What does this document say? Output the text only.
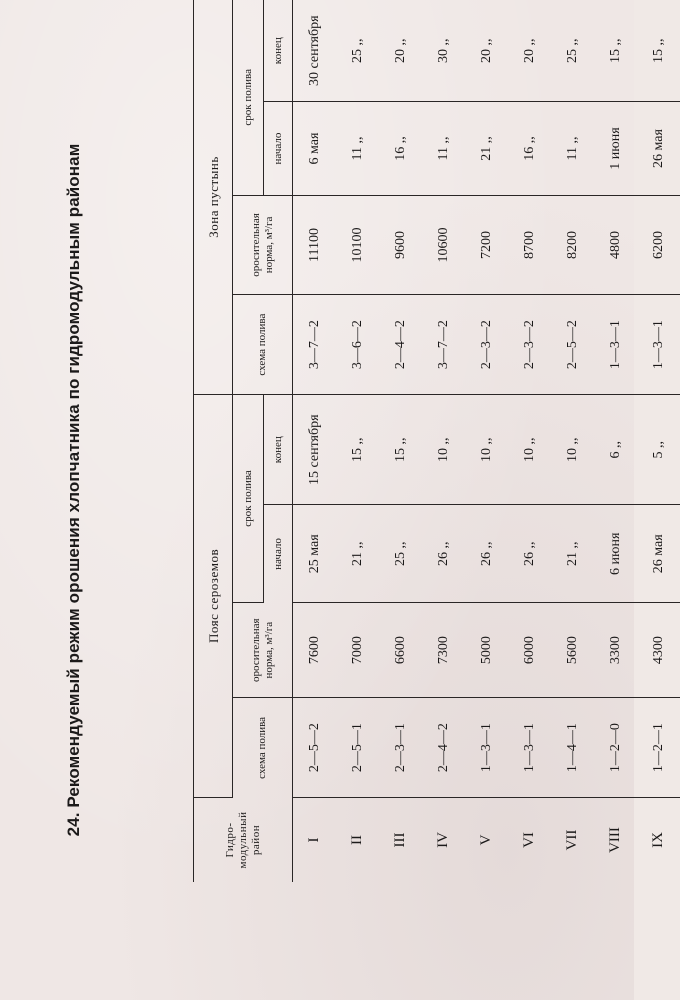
24. Рекомендуемый режим орошения хлопчатника по гидромодульным районам
Гидро-модульный район	Пояс сероземов				Зона пустынь			

	схема полива	оросительная норма, м³/га	срок полива		схема полива	оросительная норма, м³/га	срок полива	
			начало	конец			начало	конец
I	2—5—2	7600	25 мая	15 сентября	3—7—2	11100	6 мая	30 сентября
II	2—5—1	7000	21 ,,	15 ,,	3—6—2	10100	11 ,,	25 ,,
III	2—3—1	6600	25 ,,	15 ,,	2—4—2	9600	16 ,,	20 ,,
IV	2—4—2	7300	26 ,,	10 ,,	3—7—2	10600	11 ,,	30 ,,
V	1—3—1	5000	26 ,,	10 ,,	2—3—2	7200	21 ,,	20 ,,
VI	1—3—1	6000	26 ,,	10 ,,	2—3—2	8700	16 ,,	20 ,,
VII	1—4—1	5600	21 ,,	10 ,,	2—5—2	8200	11 ,,	25 ,,
VIII	1—2—0	3300	6 июня	6 ,,	1—3—1	4800	1 июня	15 ,,
IX	1—2—1	4300	26 мая	5 ,,	1—3—1	6200	26 мая	15 ,,
